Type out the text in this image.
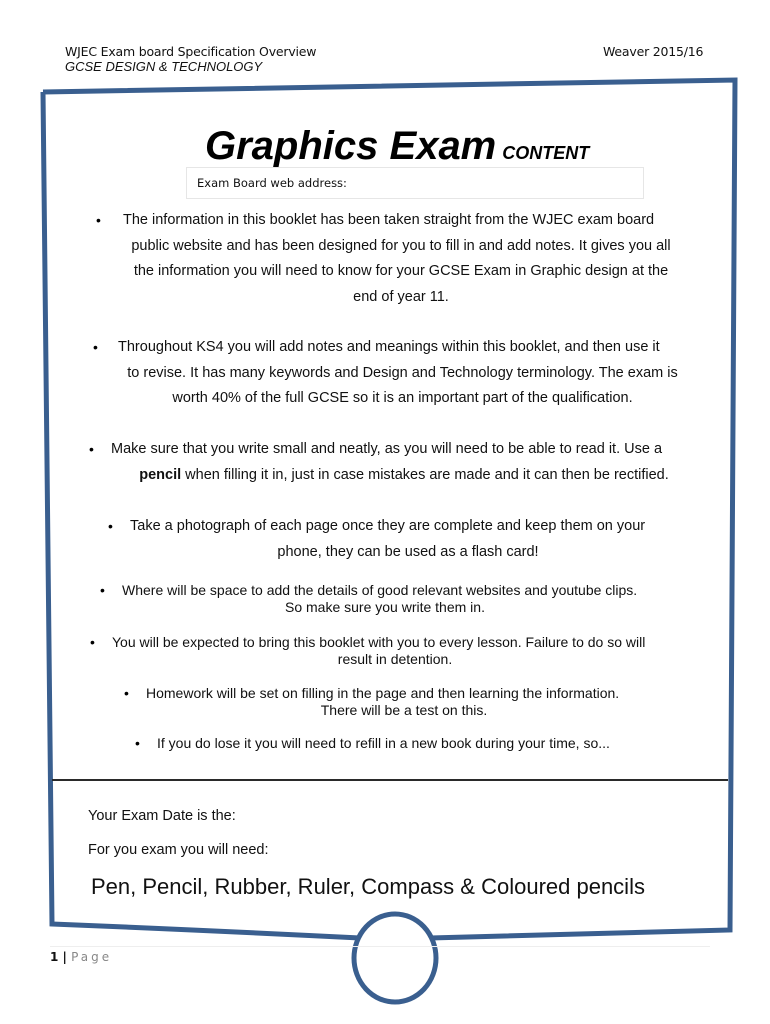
WJEC Exam board Specification Overview
GCSE DESIGN & TECHNOLOGY
Weaver 2015/16
Graphics Exam CONTENT
Exam Board web address:
• The information in this booklet has been taken straight from the WJEC exam board
public website and has been designed for you to fill in and add notes. It gives you all
the information you will need to know for your GCSE Exam in Graphic design at the
end of year 11.
• Throughout KS4 you will add notes and meanings within this booklet, and then use it
to revise. It has many keywords and Design and Technology terminology. The exam is
worth 40% of the full GCSE so it is an important part of the qualification.
• Make sure that you write small and neatly, as you will need to be able to read it. Use a
pencil when filling it in, just in case mistakes are made and it can then be rectified.
• Take a photograph of each page once they are complete and keep them on your
phone, they can be used as a flash card!
• Where will be space to add the details of good relevant websites and youtube clips.
So make sure you write them in.
• You will be expected to bring this booklet with you to every lesson. Failure to do so will
result in detention.
• Homework will be set on filling in the page and then learning the information.
There will be a test on this.
• If you do lose it you will need to refill in a new book during your time, so...
Your Exam Date is the:
For you exam you will need:
Pen, Pencil, Rubber, Ruler, Compass & Coloured pencils
1 | Page
